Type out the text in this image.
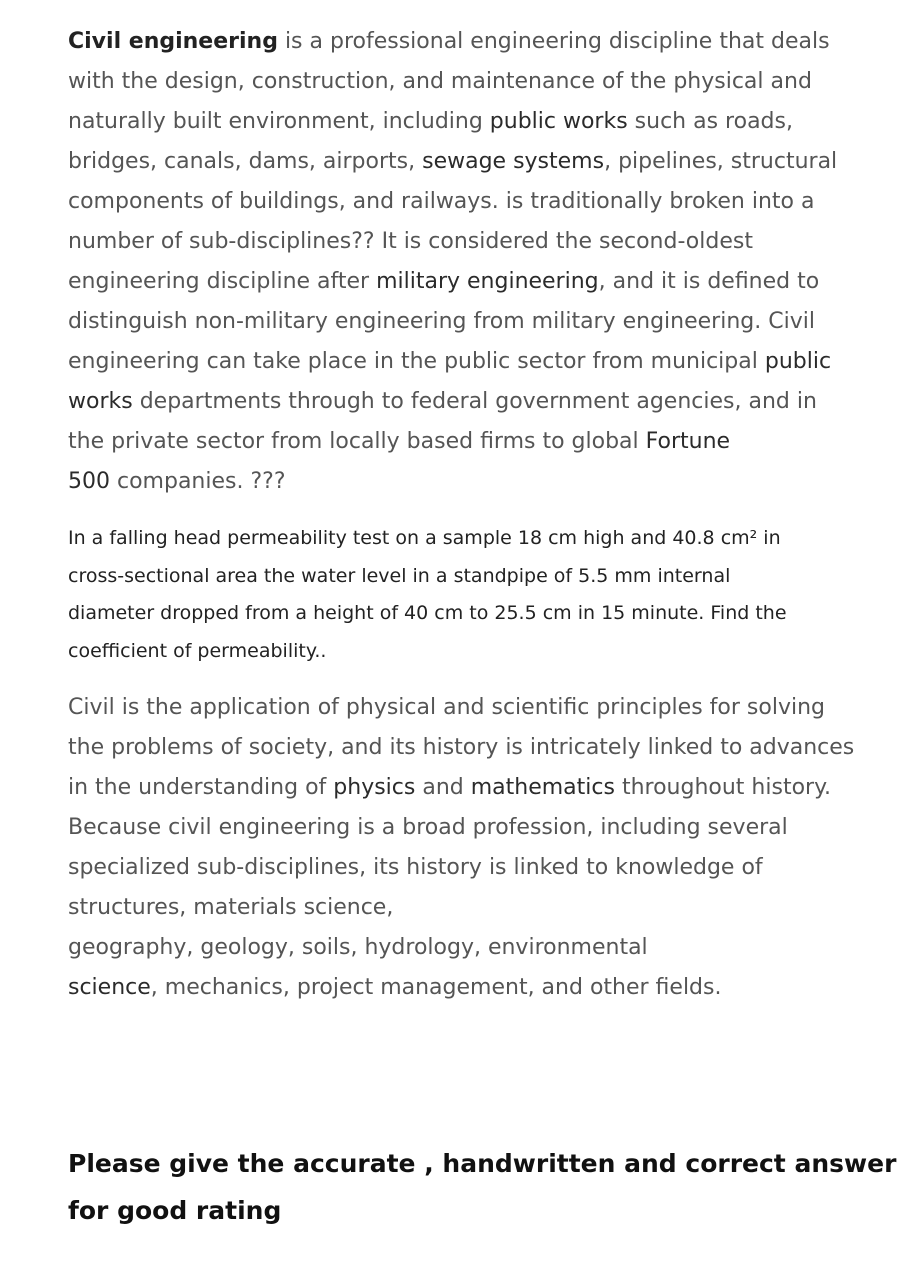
Civil engineering is a professional engineering discipline that deals
with the design, construction, and maintenance of the physical and
naturally built environment, including public works such as roads,
bridges, canals, dams, airports, sewage systems, pipelines, structural
components of buildings, and railways. is traditionally broken into a
number of sub-disciplines?? It is considered the second-oldest
engineering discipline after military engineering, and it is defined to
distinguish non-military engineering from military engineering. Civil
engineering can take place in the public sector from municipal public
works departments through to federal government agencies, and in
the private sector from locally based firms to global Fortune
500 companies. ???

In a falling head permeability test on a sample 18 cm high and 40.8 cm² in
cross-sectional area the water level in a standpipe of 5.5 mm internal
diameter dropped from a height of 40 cm to 25.5 cm in 15 minute. Find the
coefficient of permeability..

Civil is the application of physical and scientific principles for solving
the problems of society, and its history is intricately linked to advances
in the understanding of physics and mathematics throughout history.
Because civil engineering is a broad profession, including several
specialized sub-disciplines, its history is linked to knowledge of
structures, materials science,
geography, geology, soils, hydrology, environmental
science, mechanics, project management, and other fields.

Please give the accurate , handwritten and correct answer
for good rating
